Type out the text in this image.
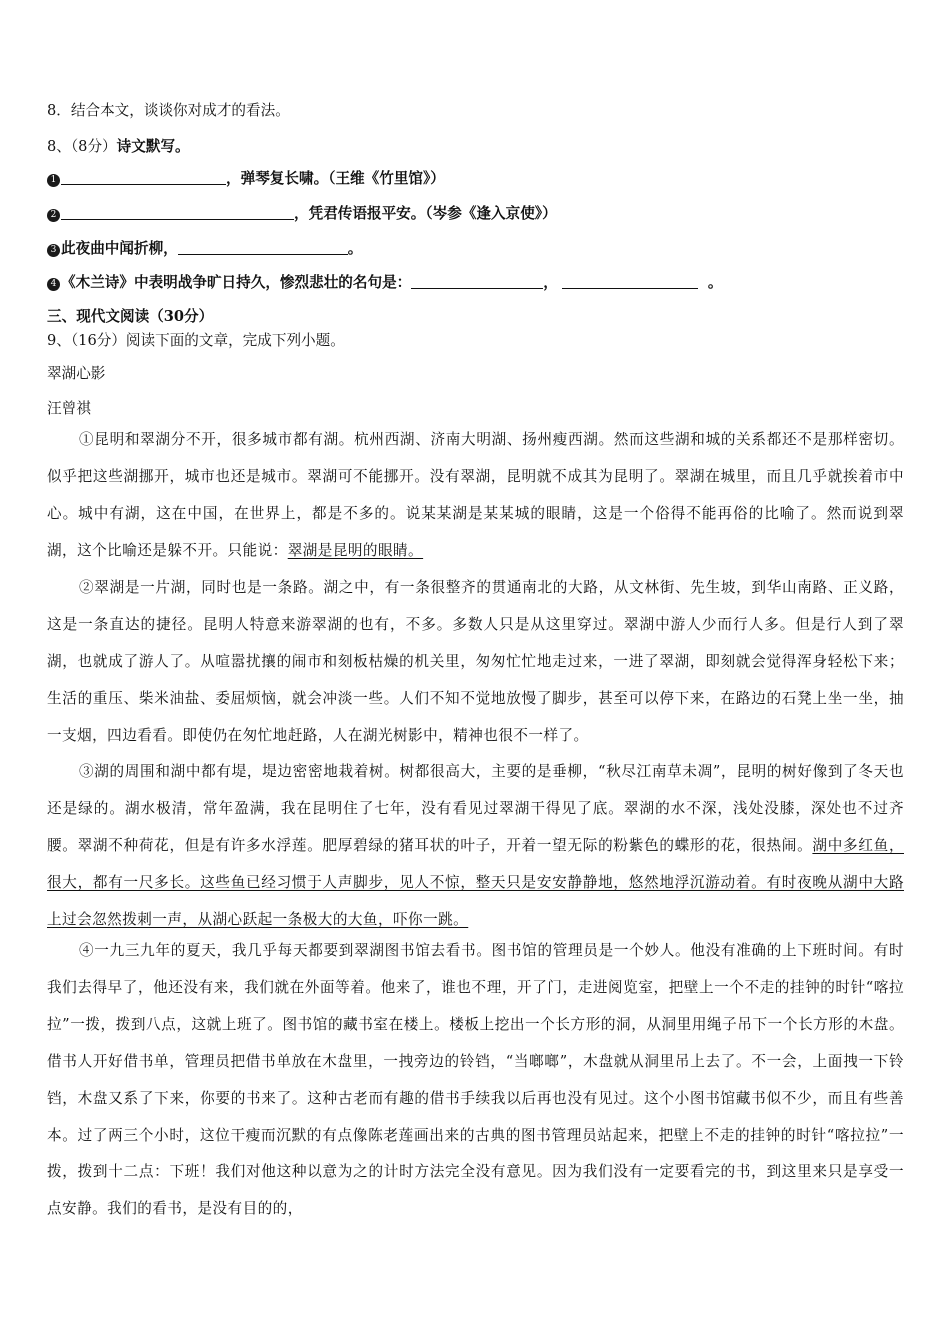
8．结合本文，谈谈你对成才的看法。
8、（8分）诗文默写。
1	，弹琴复长啸。（王维《竹里馆》）
2	，凭君传语报平安。（岑参《逢入京使》）
3 此夜曲中闻折柳，	。
4 《木兰诗》中表明战争旷日持久，惨烈悲壮的名句是：	，	。
三、现代文阅读（30分）
9、（16分）阅读下面的文章，完成下列小题。
翠湖心影
汪曾祺

①昆明和翠湖分不开，很多城市都有湖。杭州西湖、济南大明湖、扬州瘦西湖。然而这些湖和城的关系都还不是那样密切。似乎把这些湖挪开，城市也还是城市。翠湖可不能挪开。没有翠湖，昆明就不成其为昆明了。翠湖在城里，而且几乎就挨着市中心。城中有湖，这在中国，在世界上，都是不多的。说某某湖是某某城的眼睛，这是一个俗得不能再俗的比喻了。然而说到翠湖，这个比喻还是躲不开。只能说：翠湖是昆明的眼睛。

②翠湖是一片湖，同时也是一条路。湖之中，有一条很整齐的贯通南北的大路，从文林街、先生坡，到华山南路、正义路，这是一条直达的捷径。昆明人特意来游翠湖的也有，不多。多数人只是从这里穿过。翠湖中游人少而行人多。但是行人到了翠湖，也就成了游人了。从喧嚣扰攘的闹市和刻板枯燥的机关里，匆匆忙忙地走过来，一进了翠湖，即刻就会觉得浑身轻松下来；生活的重压、柴米油盐、委屈烦恼，就会冲淡一些。人们不知不觉地放慢了脚步，甚至可以停下来，在路边的石凳上坐一坐，抽一支烟，四边看看。即使仍在匆忙地赶路，人在湖光树影中，精神也很不一样了。

③湖的周围和湖中都有堤，堤边密密地栽着树。树都很高大，主要的是垂柳，“秋尽江南草未凋”，昆明的树好像到了冬天也还是绿的。湖水极清，常年盈满，我在昆明住了七年，没有看见过翠湖干得见了底。翠湖的水不深，浅处没膝，深处也不过齐腰。翠湖不种荷花，但是有许多水浮莲。肥厚碧绿的猪耳状的叶子，开着一望无际的粉紫色的蝶形的花，很热闹。湖中多红鱼，很大，都有一尺多长。这些鱼已经习惯于人声脚步，见人不惊，整天只是安安静静地，悠然地浮沉游动着。有时夜晚从湖中大路上过会忽然拨刺一声，从湖心跃起一条极大的大鱼，吓你一跳。

④一九三九年的夏天，我几乎每天都要到翠湖图书馆去看书。图书馆的管理员是一个妙人。他没有准确的上下班时间。有时我们去得早了，他还没有来，我们就在外面等着。他来了，谁也不理，开了门，走进阅览室，把壁上一个不走的挂钟的时针“喀拉拉”一拨，拨到八点，这就上班了。图书馆的藏书室在楼上。楼板上挖出一个长方形的洞，从洞里用绳子吊下一个长方形的木盘。借书人开好借书单，管理员把借书单放在木盘里，一拽旁边的铃铛，“当啷啷”，木盘就从洞里吊上去了。不一会，上面拽一下铃铛，木盘又系了下来，你要的书来了。这种古老而有趣的借书手续我以后再也没有见过。这个小图书馆藏书似不少，而且有些善本。过了两三个小时，这位干瘦而沉默的有点像陈老莲画出来的古典的图书管理员站起来，把壁上不走的挂钟的时针“喀拉拉”一拨，拨到十二点：下班！我们对他这种以意为之的计时方法完全没有意见。因为我们没有一定要看完的书，到这里来只是享受一点安静。我们的看书，是没有目的的，
